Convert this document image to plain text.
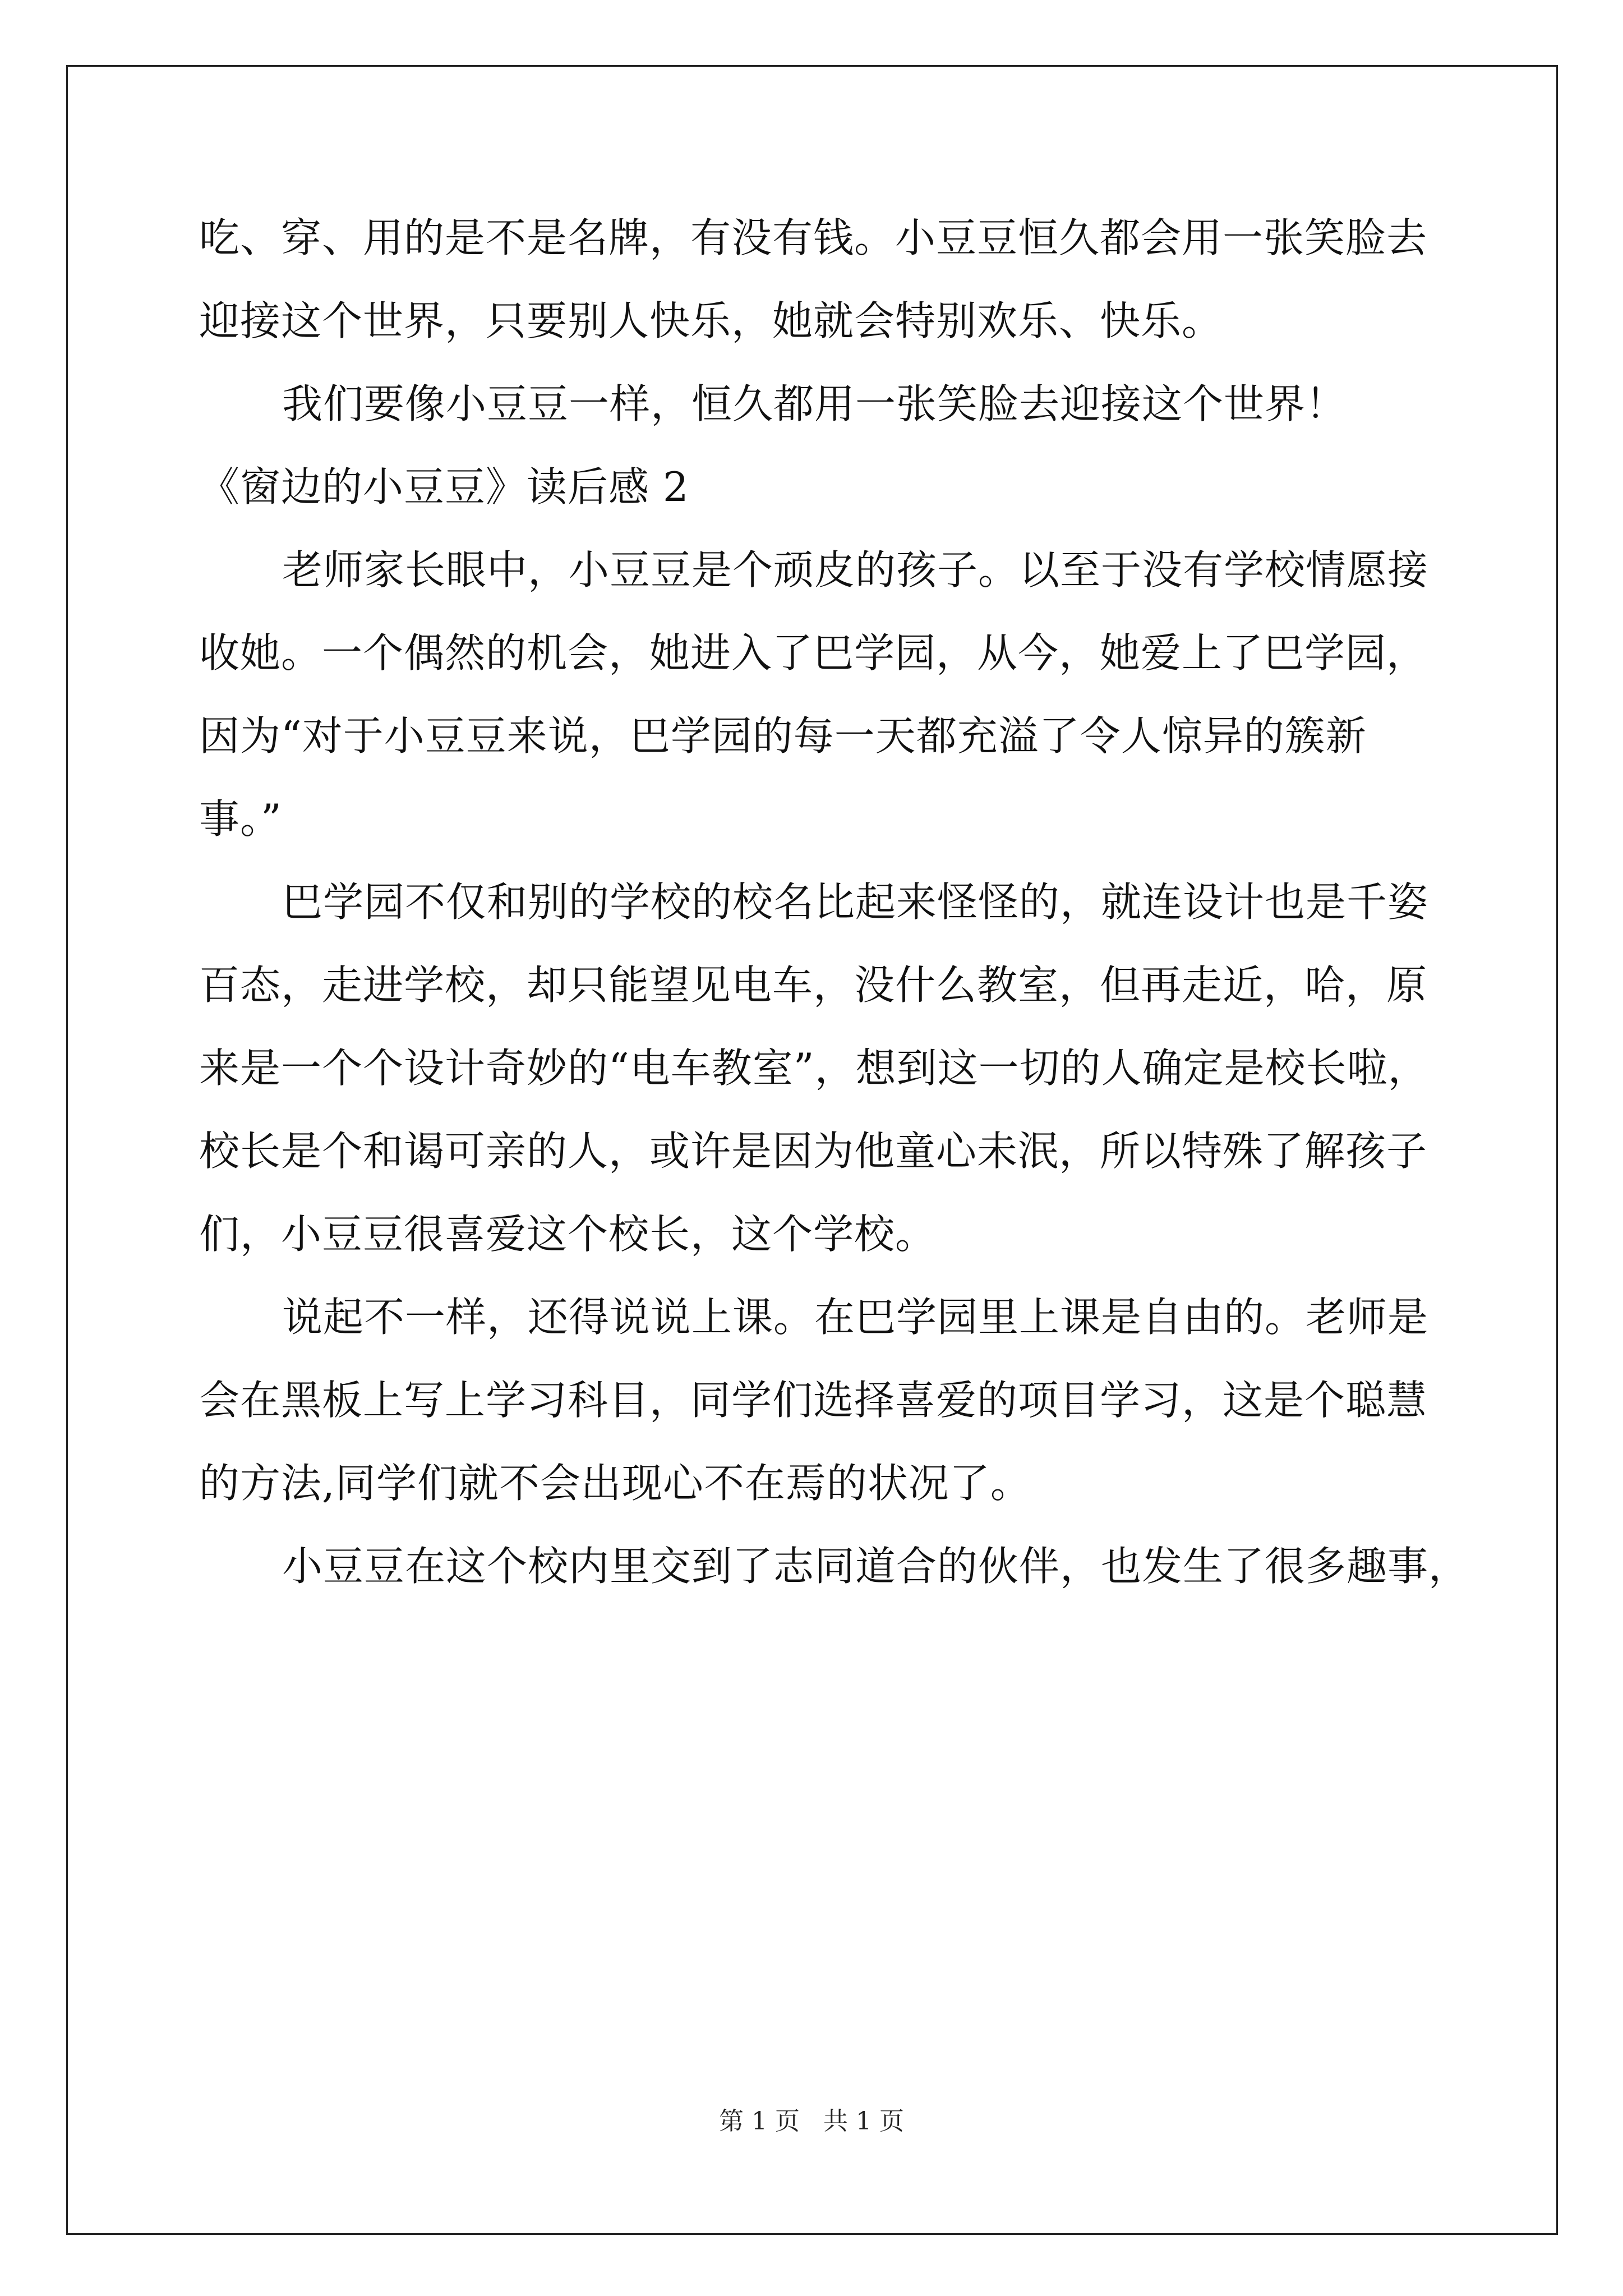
吃、穿、用的是不是名牌，有没有钱。小豆豆恒久都会用一张笑脸去
迎接这个世界，只要别人快乐，她就会特别欢乐、快乐。
我们要像小豆豆一样，恒久都用一张笑脸去迎接这个世界！
《窗边的小豆豆》读后感 2
老师家长眼中，小豆豆是个顽皮的孩子。以至于没有学校情愿接
收她。一个偶然的机会，她进入了巴学园，从今，她爱上了巴学园，
因为“对于小豆豆来说，巴学园的每一天都充溢了令人惊异的簇新
事。”
巴学园不仅和别的学校的校名比起来怪怪的，就连设计也是千姿
百态，走进学校，却只能望见电车，没什么教室，但再走近，哈，原
来是一个个设计奇妙的“电车教室”，想到这一切的人确定是校长啦，
校长是个和谒可亲的人，或许是因为他童心未泯，所以特殊了解孩子
们，小豆豆很喜爱这个校长，这个学校。
说起不一样，还得说说上课。在巴学园里上课是自由的。老师是
会在黑板上写上学习科目，同学们选择喜爱的项目学习，这是个聪慧
的方法,同学们就不会出现心不在焉的状况了。
小豆豆在这个校内里交到了志同道合的伙伴，也发生了很多趣事，
第 1 页   共 1 页
